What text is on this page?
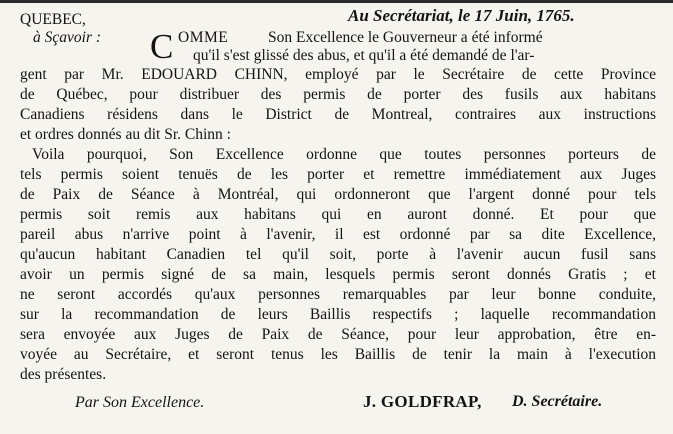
QUEBEC,
à Sçavoir :
Au Secrétariat, le 17 Juin, 1765.
C OMME	Son Excellence le Gouverneur a été informé
qu'il s'est glissé des abus, et qu'il a été demandé de l'ar-
gent par Mr. EDOUARD CHINN, employé par le Secrétaire de cette Province
de Québec, pour distribuer des permis de porter des fusils aux habitans
Canadiens résidens dans le District de Montreal, contraires aux instructions
et ordres donnés au dit Sr. Chinn :
Voila pourquoi, Son Excellence ordonne que toutes personnes porteurs de
tels permis soient tenuës de les porter et remettre immédiatement aux Juges
de Paix de Séance à Montréal, qui ordonneront que l'argent donné pour tels
permis soit remis aux habitans qui en auront donné. Et pour que
pareil abus n'arrive point à l'avenir, il est ordonné par sa dite Excellence,
qu'aucun habitant Canadien tel qu'il soit, porte à l'avenir aucun fusil sans
avoir un permis signé de sa main, lesquels permis seront donnés Gratis ; et
ne seront accordés qu'aux personnes remarquables par leur bonne conduite,
sur la recommandation de leurs Baillis respectifs ; laquelle recommandation
sera envoyée aux Juges de Paix de Séance, pour leur approbation, être en-
voyée au Secrétaire, et seront tenus les Baillis de tenir la main à l'execution
des présentes.
Par Son Excellence.	J. GOLDFRAP, D. Secrétaire.
